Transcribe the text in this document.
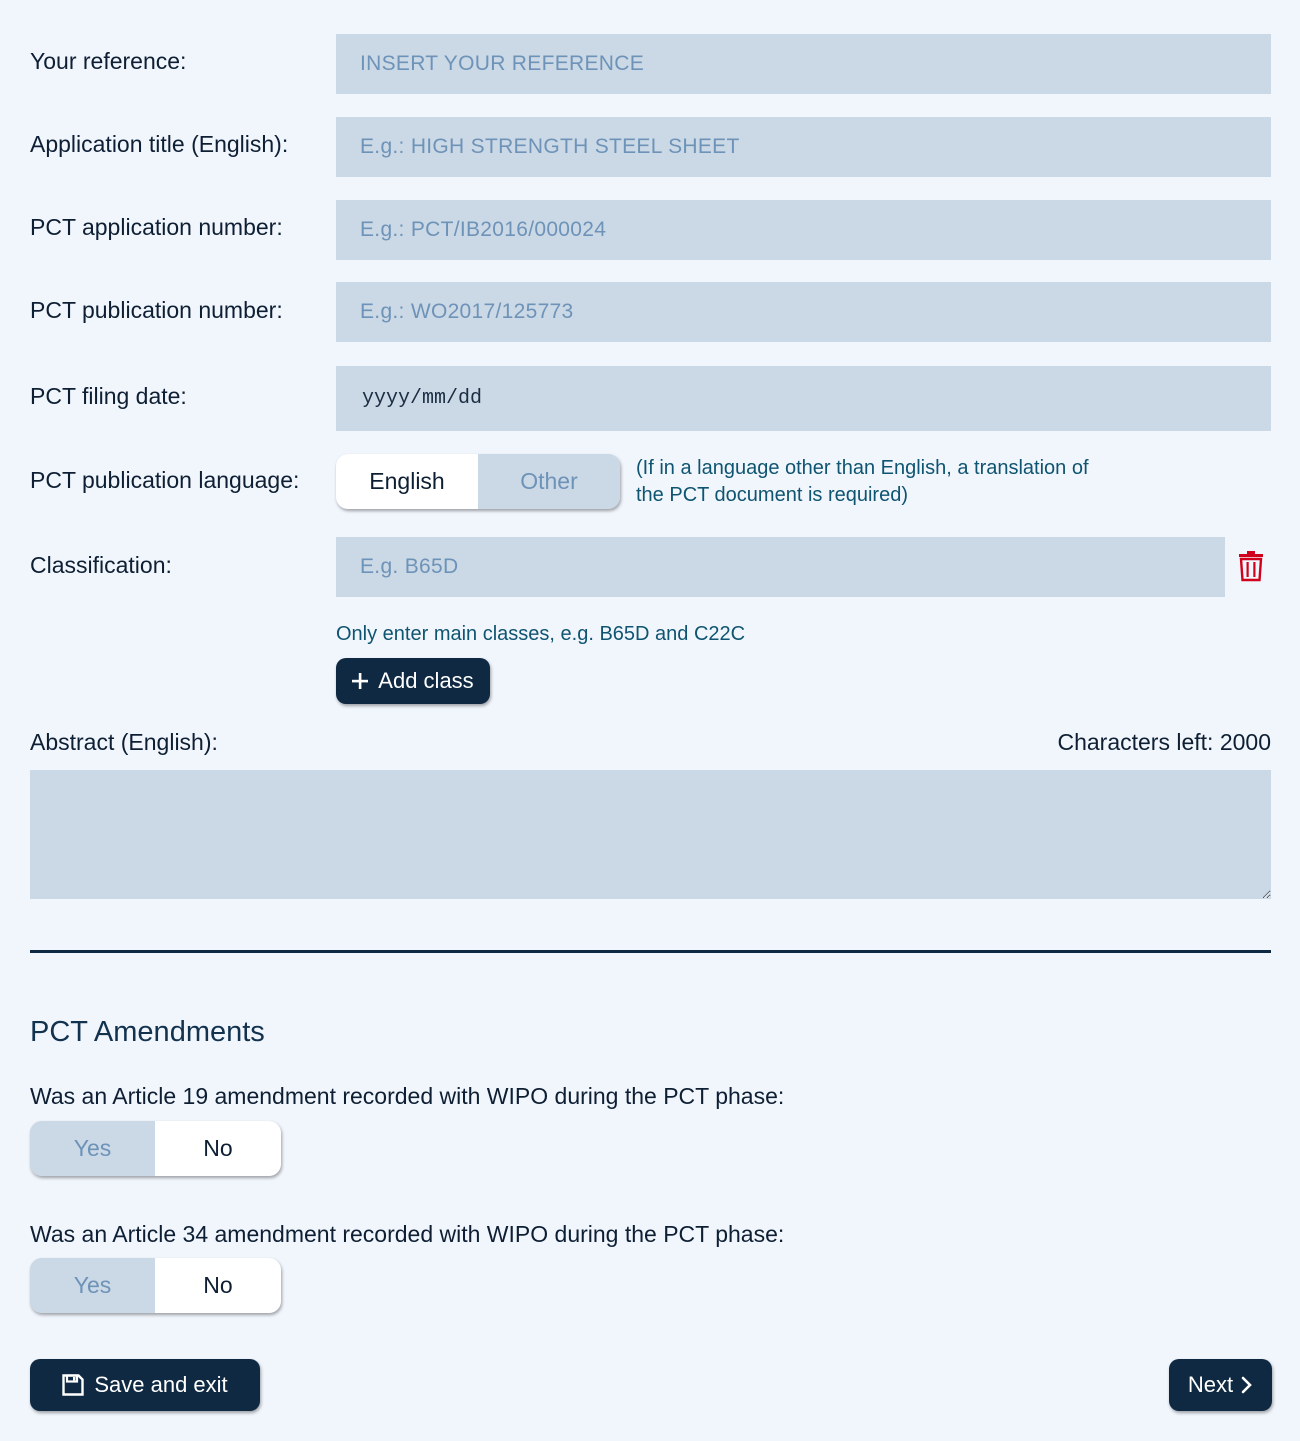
Your reference:
INSERT YOUR REFERENCE
Application title (English):
E.g.: HIGH STRENGTH STEEL SHEET
PCT application number:
E.g.: PCT/IB2016/000024
PCT publication number:
E.g.: WO2017/125773
PCT filing date:	yyyy/mm/dd
PCT publication language:	English	Other	(If in a language other than English, a translation of
the PCT document is required)
Classification:
E.g. B65D
Only enter main classes, e.g. B65D and C22C
Add class
Abstract (English):	Characters left: 2000
PCT Amendments
Was an Article 19 amendment recorded with WIPO during the PCT phase:
Yes	No
Was an Article 34 amendment recorded with WIPO during the PCT phase:
Yes	No
Save and exit	Next
